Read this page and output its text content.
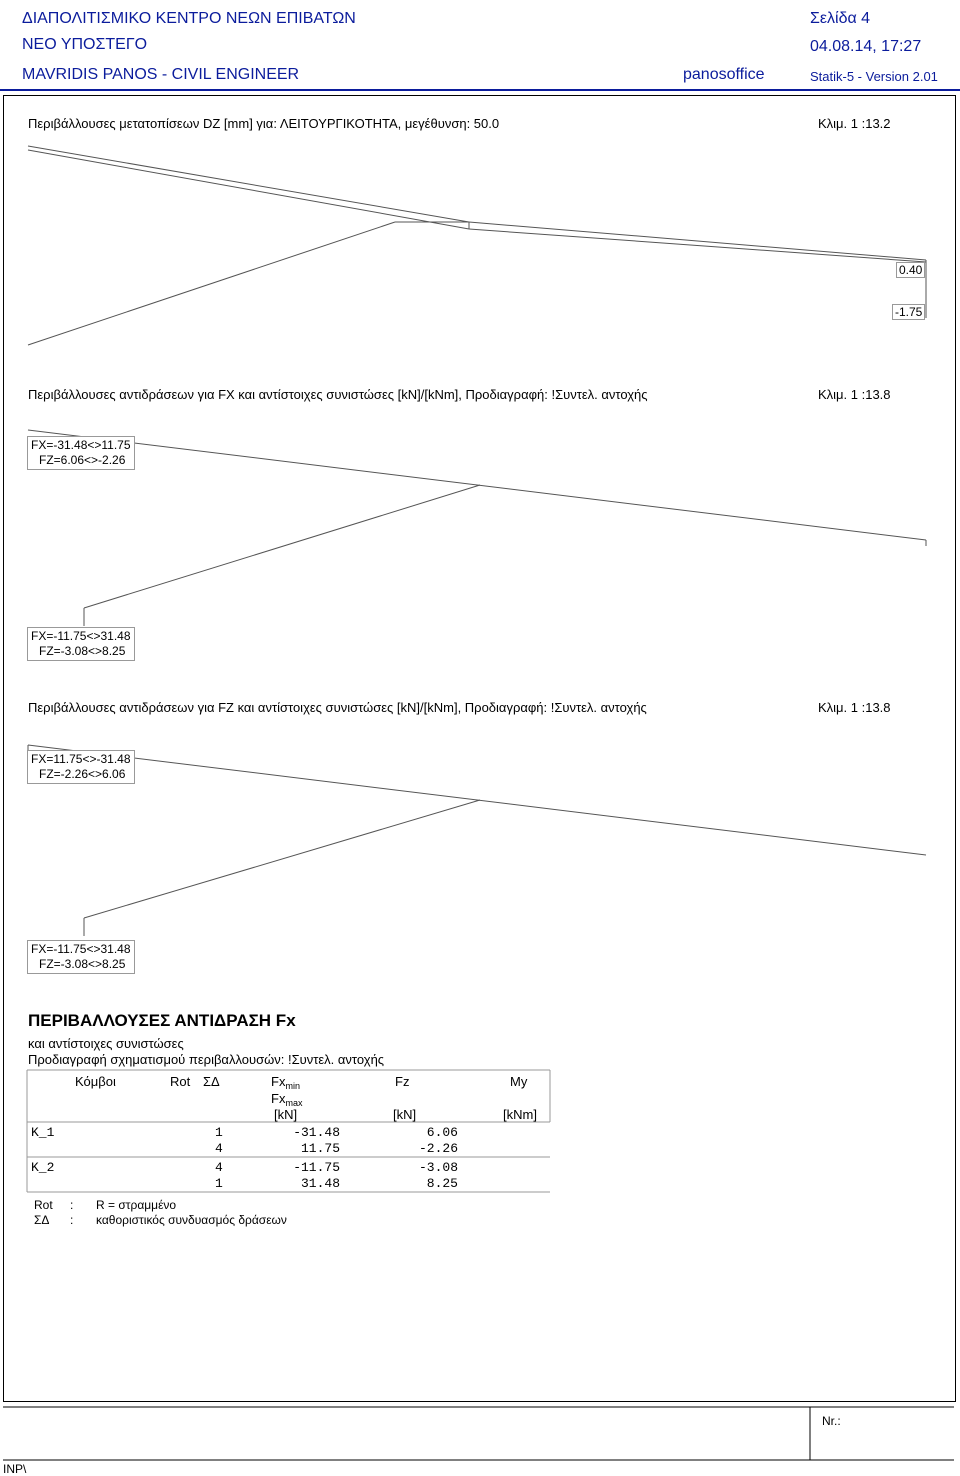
ΔΙΑΠΟΛΙΤΙΣΜΙΚΟ ΚΕΝΤΡΟ ΝΕΩΝ ΕΠΙΒΑΤΩΝ
ΝΕΟ ΥΠΟΣΤΕΓΟ
MAVRIDIS PANOS - CIVIL ENGINEER	panosoffice
Σελίδα 4
04.08.14, 17:27
Statik-5 - Version 2.01
Περιβάλλουσες μετατοπίσεων DZ [mm] για: ΛΕΙΤΟΥΡΓΙΚΟΤΗΤΑ, μεγέθυνση: 50.0	Κλιμ. 1 :13.2
0.40
-1.75
Περιβάλλουσες αντιδράσεων για FX και αντίστοιχες συνιστώσες [kN]/[kNm], Προδιαγραφή: !Συντελ. αντοχής	Κλιμ. 1 :13.8
FX=-31.48<>11.75
FZ=6.06<>-2.26
FX=-11.75<>31.48
FZ=-3.08<>8.25
Περιβάλλουσες αντιδράσεων για FZ και αντίστοιχες συνιστώσες [kN]/[kNm], Προδιαγραφή: !Συντελ. αντοχής	Κλιμ. 1 :13.8
FX=11.75<>-31.48
FZ=-2.26<>6.06
FX=-11.75<>31.48
FZ=-3.08<>8.25
ΠΕΡΙΒΑΛΛΟΥΣΕΣ ΑΝΤΙΔΡΑΣΗ Fx
και αντίστοιχες συνιστώσες
Προδιαγραφή σχηματισμού περιβαλλουσών: !Συντελ. αντοχής
Κόμβοι	Rot ΣΔ	$Fx_{min}$
$Fx_{max}$
Fz	My
[kN]	[kN]	[kNm]
K_1	1	-31.48	6.06
4	11.75	-2.26
K_2	4	-11.75	-3.08
1	31.48	8.25
Rot : R = στραμμένο
ΣΔ : καθοριστικός συνδυασμός δράσεων
Nr.:
INP\
